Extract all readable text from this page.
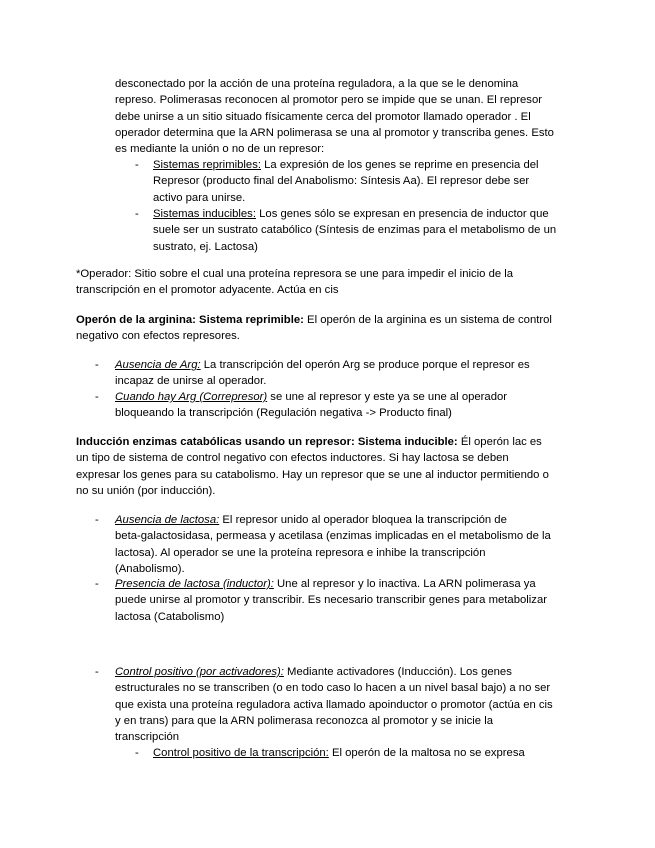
desconectado por la acción de una proteína reguladora, a la que se le denomina
represo. Polimerasas reconocen al promotor pero se impide que se unan. El represor
debe unirse a un sitio situado físicamente cerca del promotor llamado operador . El
operador determina que la ARN polimerasa se una al promotor y transcriba genes. Esto
es mediante la unión o no de un represor:
-	Sistemas reprimibles: La expresión de los genes se reprime en presencia del
Represor (producto final del Anabolismo: Síntesis Aa). El represor debe ser
activo para unirse.
-	Sistemas inducibles: Los genes sólo se expresan en presencia de inductor que
suele ser un sustrato catabólico (Síntesis de enzimas para el metabolismo de un
sustrato, ej. Lactosa)
*Operador: Sitio sobre el cual una proteína represora se une para impedir el inicio de la
transcripción en el promotor adyacente. Actúa en cis
Operón de la arginina: Sistema reprimible: El operón de la arginina es un sistema de control
negativo con efectos represores.
-	Ausencia de Arg: La transcripción del operón Arg se produce porque el represor es
incapaz de unirse al operador.
-	Cuando hay Arg (Correpresor) se une al represor y este ya se une al operador
bloqueando la transcripción (Regulación negativa -> Producto final)
Inducción enzimas catabólicas usando un represor: Sistema inducible: Él operón lac es
un tipo de sistema de control negativo con efectos inductores. Si hay lactosa se deben
expresar los genes para su catabolismo. Hay un represor que se une al inductor permitiendo o
no su unión (por inducción).
-	Ausencia de lactosa: El represor unido al operador bloquea la transcripción de
beta-galactosidasa, permeasa y acetilasa (enzimas implicadas en el metabolismo de la
lactosa). Al operador se une la proteína represora e inhibe la transcripción
(Anabolismo).
-	Presencia de lactosa (inductor): Une al represor y lo inactiva. La ARN polimerasa ya
puede unirse al promotor y transcribir. Es necesario transcribir genes para metabolizar
lactosa (Catabolismo)
-	Control positivo (por activadores): Mediante activadores (Inducción). Los genes
estructurales no se transcriben (o en todo caso lo hacen a un nivel basal bajo) a no ser
que exista una proteína reguladora activa llamado apoinductor o promotor (actúa en cis
y en trans) para que la ARN polimerasa reconozca al promotor y se inicie la
transcripción
-	Control positivo de la transcripción: El operón de la maltosa no se expresa
